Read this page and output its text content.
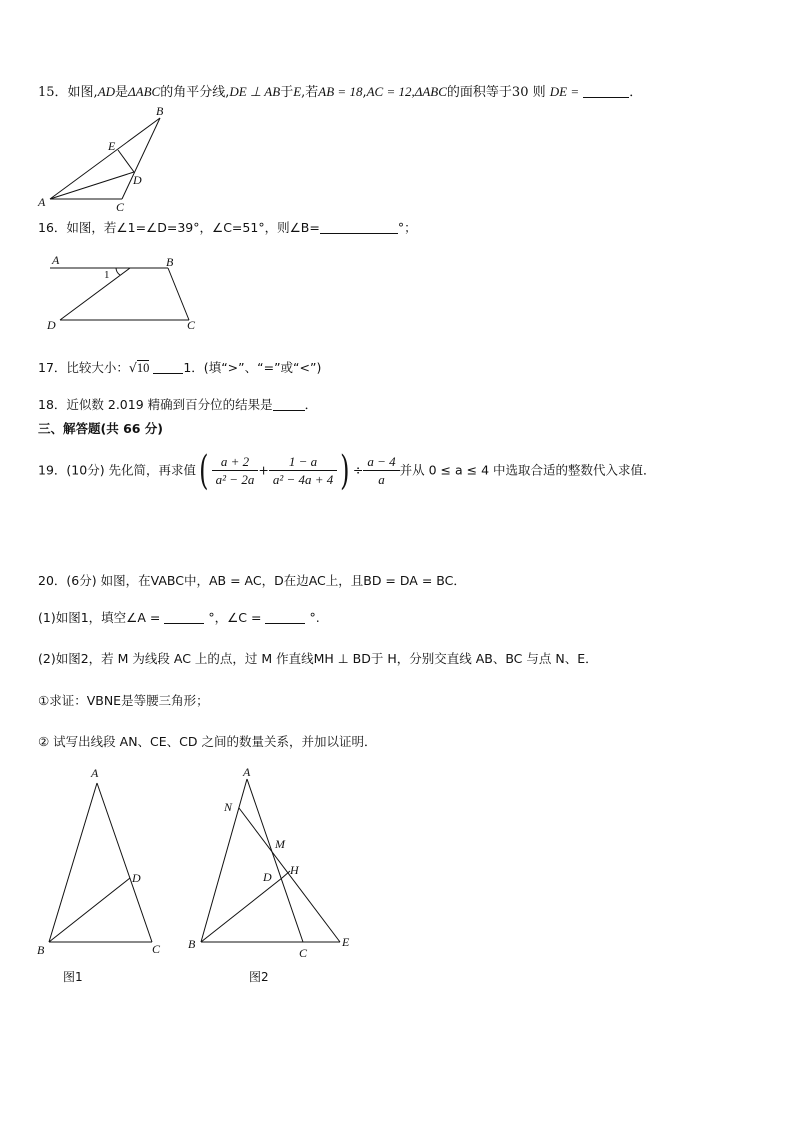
15．如图,AD是ΔABC的角平分线,DE ⊥ AB于E,若AB = 18,AC = 12,ΔABC的面积等于30 则 DE =	．
A
B
C
D
E
16．如图，若∠1=∠D=39°，∠C=51°，则∠B=	°；
A	B
C
D
1
17．比较大小：√10	1．(填“>”、“=”或“<”)
18．近似数 2.019 精确到百分位的结果是	．
三、解答题(共 66 分)
19．(10分) 先化简，再求值( $\frac{a + 2}{\text{a² − 2a}} + \frac{1 - a}{\text{a² − 4a + 4}}$ ) ÷ $\frac{a - 4}{a}$ 并从 0 ≤ a ≤ 4 中选取合适的整数代入求值．
20．(6分) 如图，在VABC中，AB = AC，D在边AC上，且BD = DA = BC．
(1)如图1，填空∠A =	°，∠C =	°.
(2)如图2，若 M 为线段 AC 上的点，过 M 作直线MH ⊥ BD于 H，分别交直线 AB、BC 与点 N、E．
①求证：VBNE是等腰三角形；
② 试写出线段 AN、CE、CD 之间的数量关系，并加以证明．
A
B	C
D
图1
A
B
C
D
E
H
M
N
图2
